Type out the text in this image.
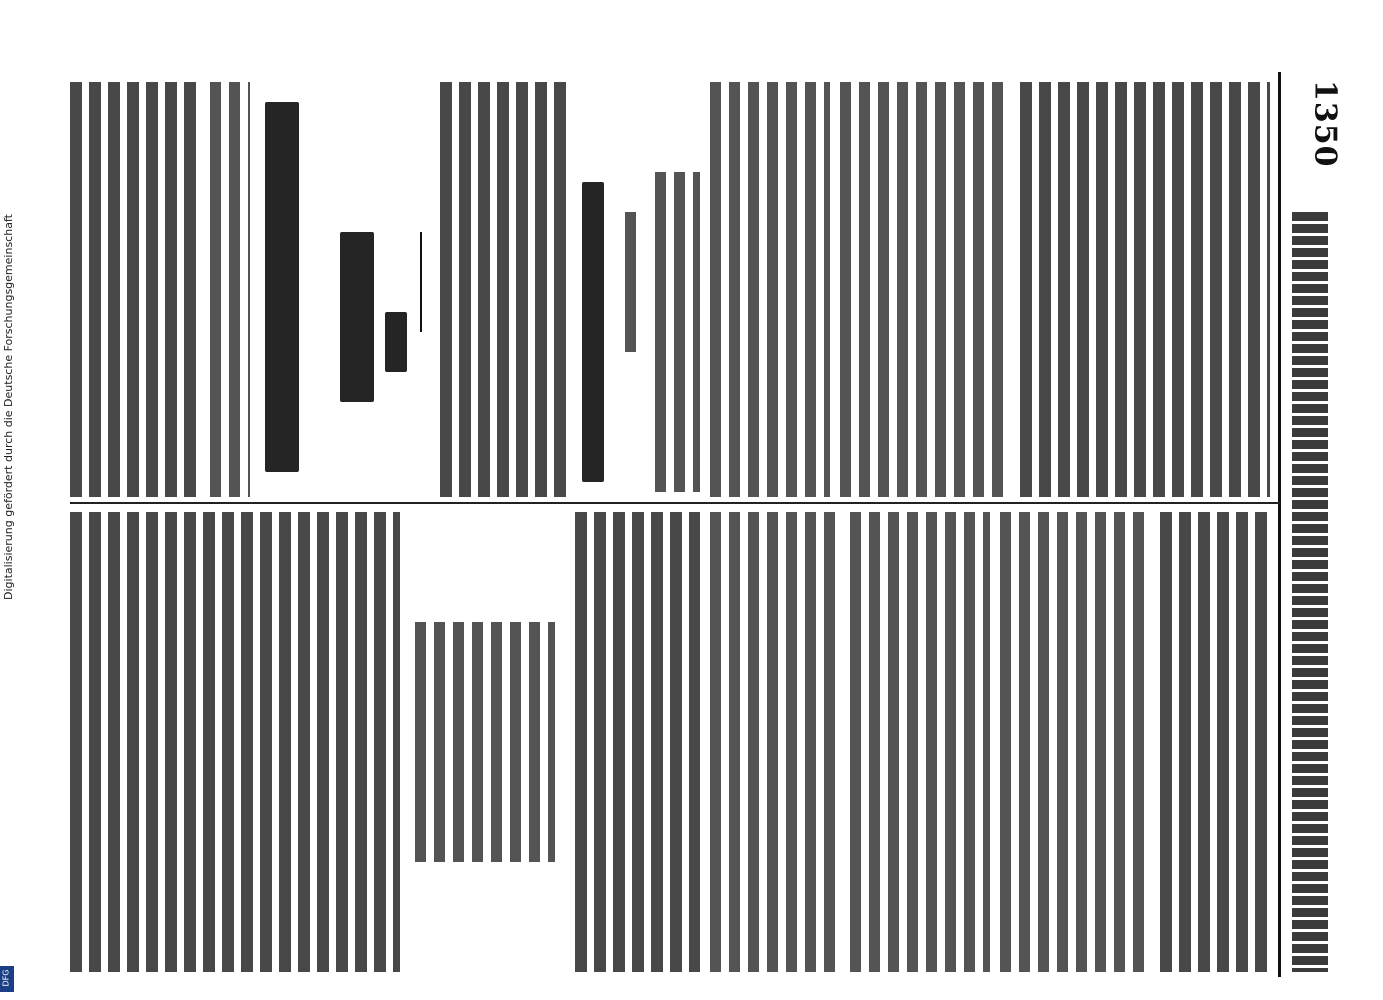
1350
Digitalisierung gefördert durch die Deutsche Forschungsgemeinschaft
DFG
